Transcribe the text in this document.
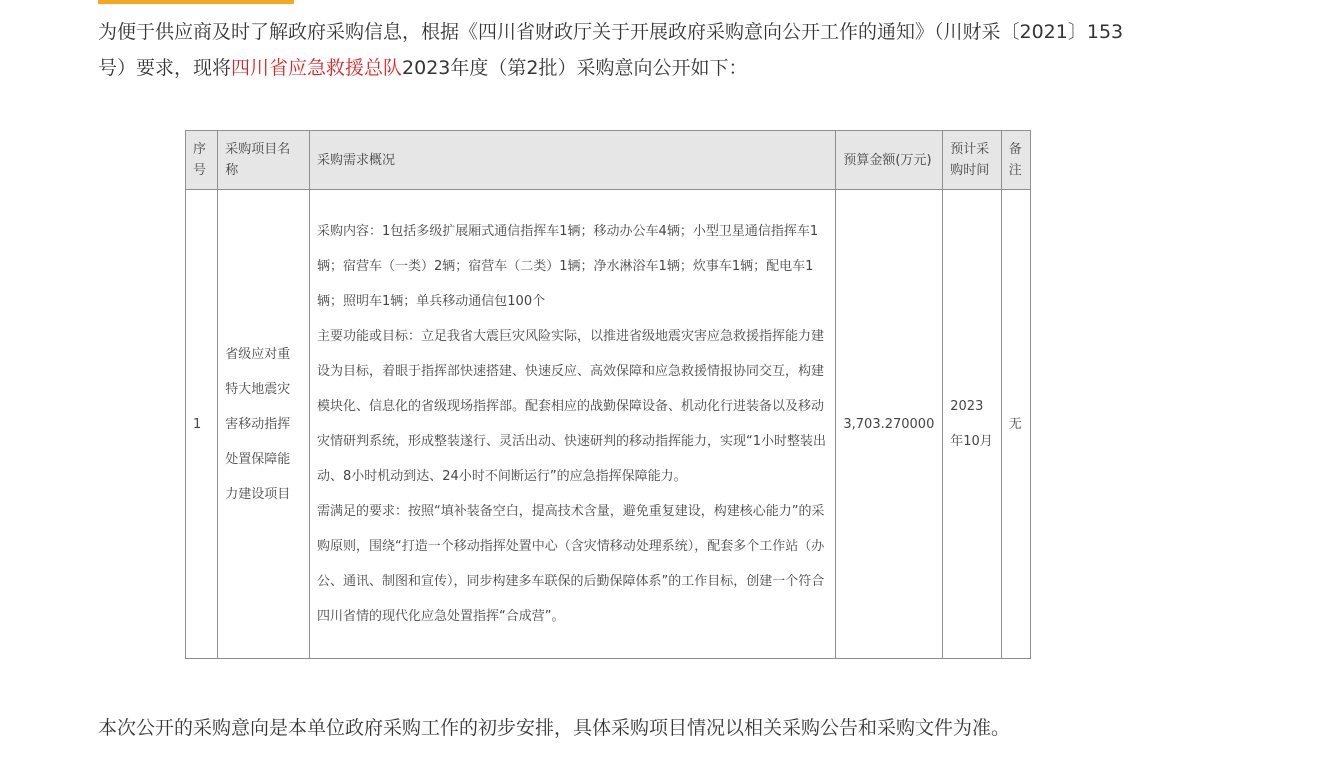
为便于供应商及时了解政府采购信息，根据《四川省财政厅关于开展政府采购意向公开工作的通知》（川财采〔2021〕153号）要求，现将四川省应急救援总队2023年度（第2批）采购意向公开如下：
序号	采购项目名称	采购需求概况	预算金额(万元)	预计采购时间	备注
1	省级应对重特大地震灾害移动指挥处置保障能力建设项目	采购内容：1包括多级扩展厢式通信指挥车1辆；移动办公车4辆；小型卫星通信指挥车1辆；宿营车（一类）2辆；宿营车（二类）1辆；净水淋浴车1辆；炊事车1辆；配电车1辆；照明车1辆；单兵移动通信包100个

主要功能或目标：立足我省大震巨灾风险实际，以推进省级地震灾害应急救援指挥能力建设为目标，着眼于指挥部快速搭建、快速反应、高效保障和应急救援情报协同交互，构建模块化、信息化的省级现场指挥部。配套相应的战勤保障设备、机动化行进装备以及移动灾情研判系统，形成整装遂行、灵活出动、快速研判的移动指挥能力，实现“1小时整装出动、8小时机动到达、24小时不间断运行”的应急指挥保障能力。

需满足的要求：按照“填补装备空白，提高技术含量，避免重复建设，构建核心能力”的采购原则，围绕“打造一个移动指挥处置中心（含灾情移动处理系统），配套多个工作站（办公、通讯、制图和宣传），同步构建多车联保的后勤保障体系”的工作目标，创建一个符合四川省情的现代化应急处置指挥“合成营”。	3,703.270000	2023年10月	无
本次公开的采购意向是本单位政府采购工作的初步安排，具体采购项目情况以相关采购公告和采购文件为准。
